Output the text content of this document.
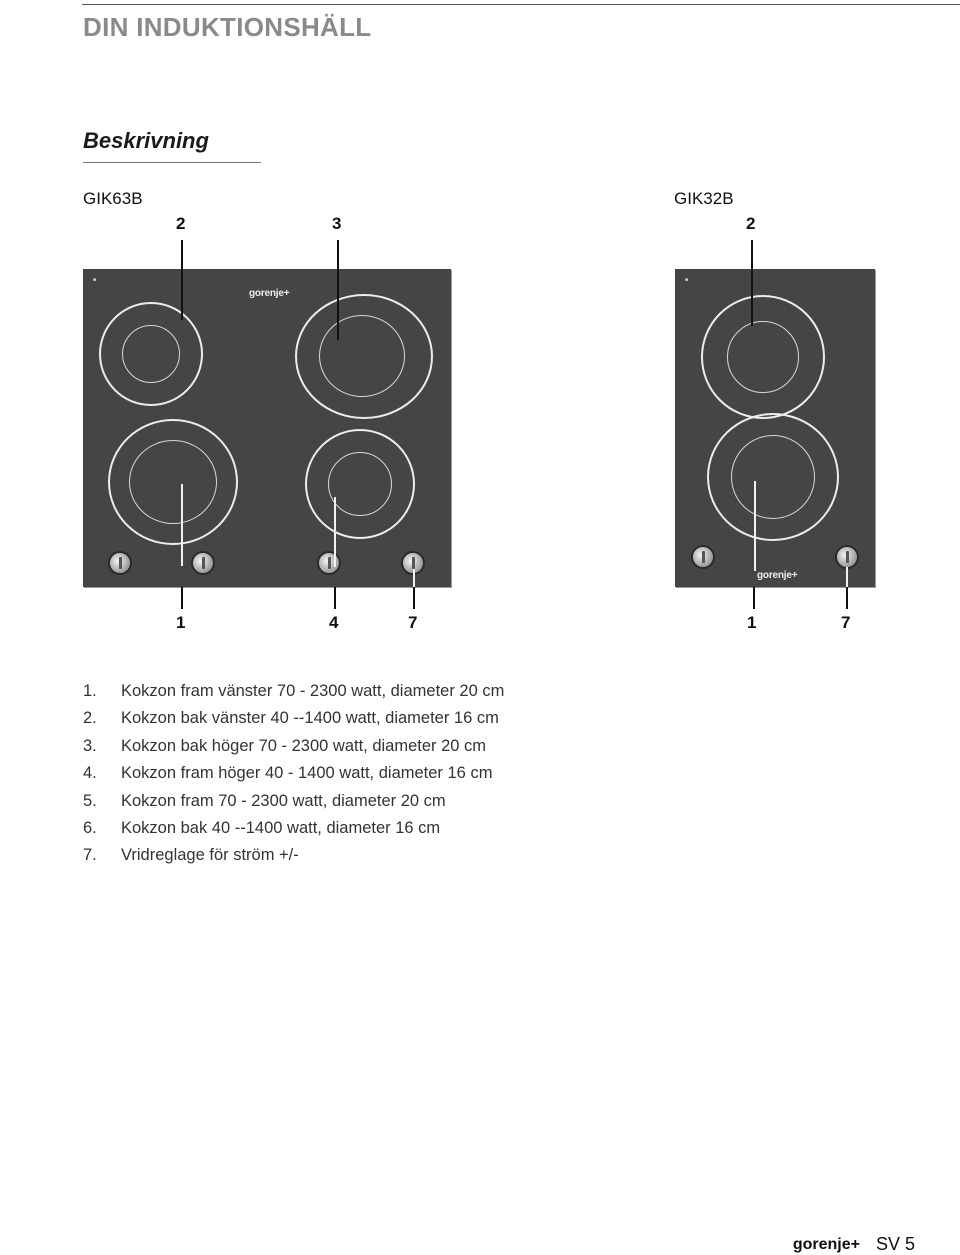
DIN INDUKTIONSHÄLL
Beskrivning
GIK63B	GIK32B
2	3	2
■
gorenje+
■
gorenje+
1	4	7	1	7
1.	Kokzon fram vänster 70 - 2300 watt, diameter 20 cm
2.	Kokzon bak vänster 40 --1400 watt, diameter 16 cm
3.	Kokzon bak höger 70 - 2300 watt, diameter 20 cm
4.	Kokzon fram höger 40 - 1400 watt, diameter 16 cm
5.	Kokzon fram 70 - 2300 watt, diameter 20 cm
6.	Kokzon bak 40 --1400 watt, diameter 16 cm
7.	Vridreglage för ström +/-
gorenje+ SV 5
